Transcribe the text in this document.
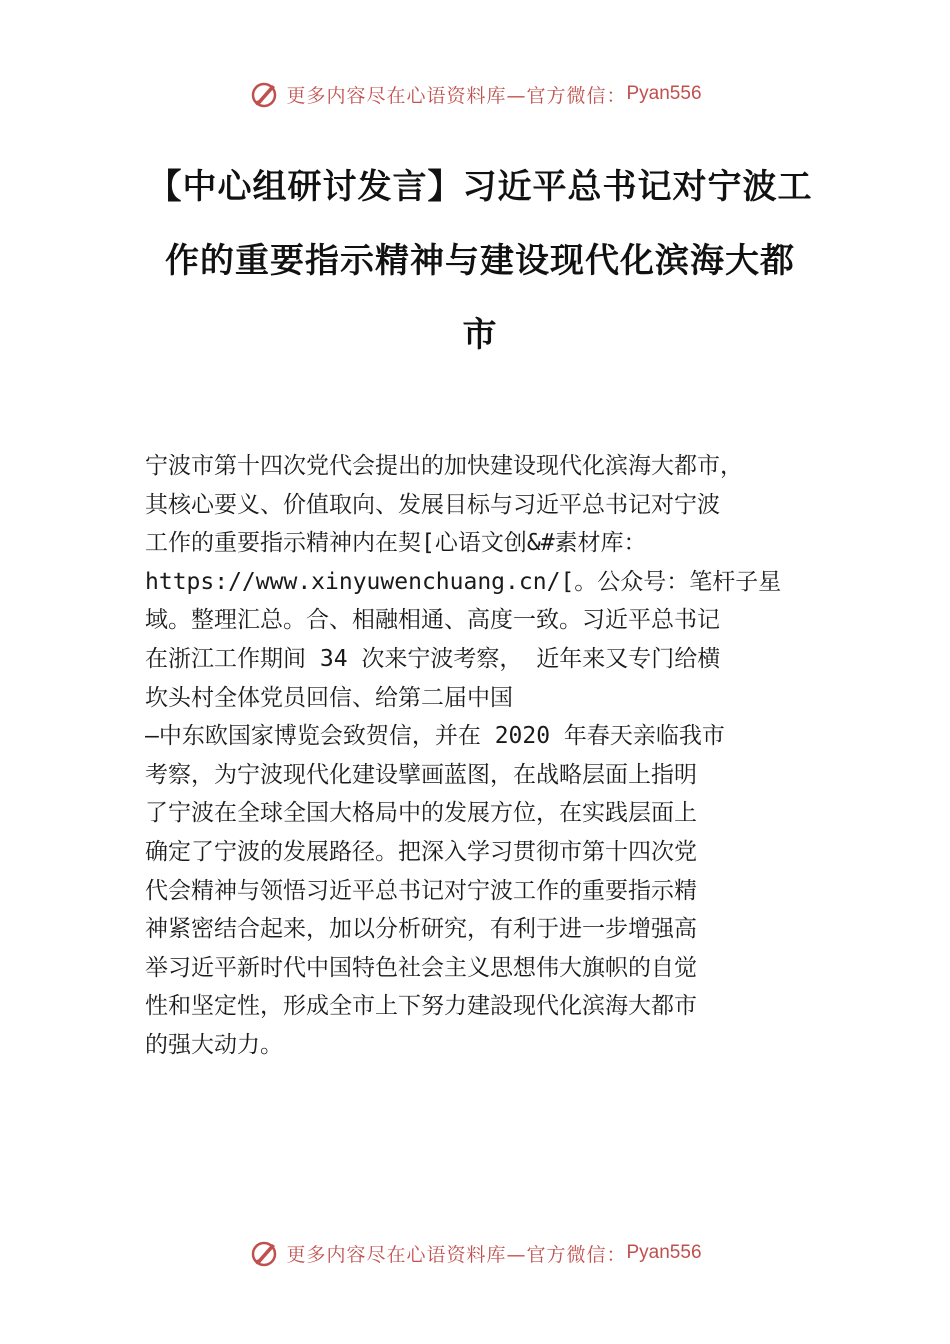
更多内容尽在心语资料库—官方微信： Pyan556
【中心组研讨发言】习近平总书记对宁波工
作的重要指示精神与建设现代化滨海大都
市
宁波市第十四次党代会提出的加快建设现代化滨海大都市，
其核心要义、价值取向、发展目标与习近平总书记对宁波
工作的重要指示精神内在契[心语文创&#素材库：
https://www.xinyuwenchuang.cn/[。公众号：笔杆子星
域。整理汇总。合、相融相通、高度一致。习近平总书记
在浙江工作期间 34 次来宁波考察， 近年来又专门给横
坎头村全体党员回信、给第二届中国
—中东欧国家博览会致贺信，并在 2020 年春天亲临我市
考察，为宁波现代化建设擘画蓝图，在战略层面上指明
了宁波在全球全国大格局中的发展方位，在实践层面上
确定了宁波的发展路径。把深入学习贯彻市第十四次党
代会精神与领悟习近平总书记对宁波工作的重要指示精
神紧密结合起来，加以分析研究，有利于进一步增强高
举习近平新时代中国特色社会主义思想伟大旗帜的自觉
性和坚定性，形成全市上下努力建設现代化滨海大都市
的强大动力。
更多内容尽在心语资料库—官方微信： Pyan556
